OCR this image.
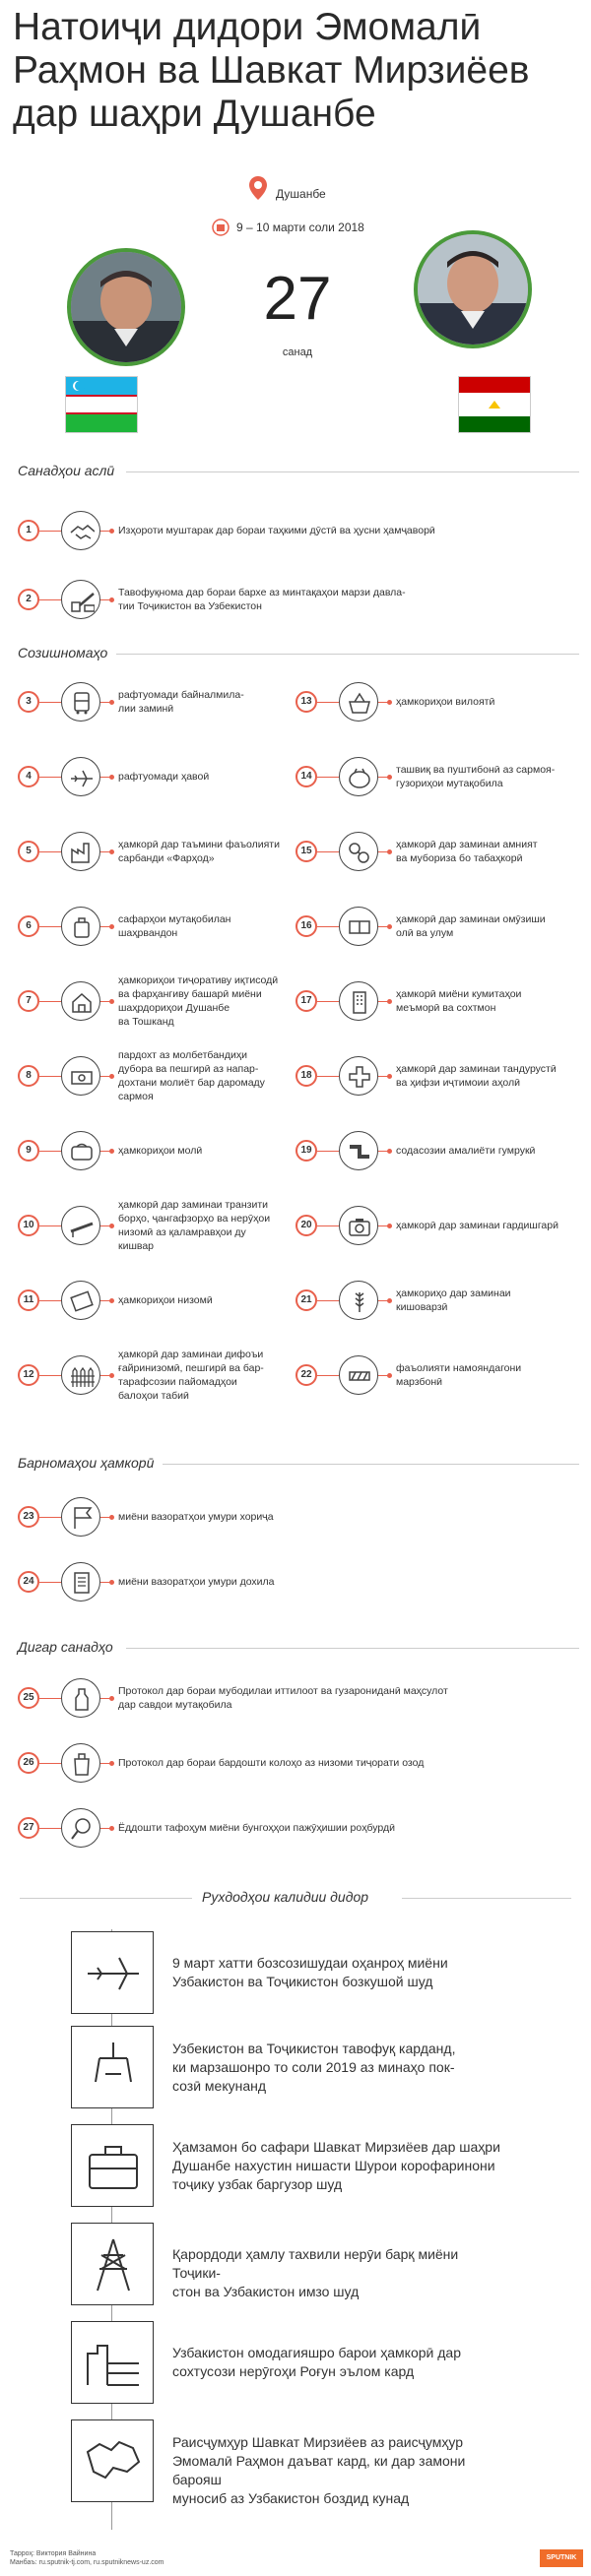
Натоиҷи дидори Эмомалӣ Раҳмон ва Шавкат Мирзиёев дар шаҳри Душанбе
Душанбе
9 – 10 марти соли 2018
27
санад
Санадҳои аслӣ
1	Изҳороти муштарак дар бораи таҳкими дӯстӣ ва ҳусни ҳамҷаворӣ
2
Тавофуқнома дар бораи бархе аз минтақаҳои марзи давла-
тии Тоҷикистон ва Узбекистон
Созишномаҳо
3
рафтуомади байналмила-
лии заминӣ
4	рафтуомади ҳавоӣ
5
ҳамкорӣ дар таъмини фаъолияти
сарбанди «Фарҳод»
6
сафарҳои мутақобилан
шаҳрвандон
7
ҳамкориҳои тиҷоративу иқтисодӣ
ва фарҳангиву башарӣ миёни
шаҳрдориҳои Душанбе
ва Тошканд
8
пардохт аз молбетбандиҳи
дубора ва пешгирӣ аз напар-
дохтани молиёт бар даромаду
сармоя
9	ҳамкориҳои молӣ
10
ҳамкорӣ дар заминаи транзити
борҳо, ҷангафзорҳо ва нерӯҳои
низомӣ аз қаламравҳои ду
кишвар
11	ҳамкориҳои низомӣ
12
ҳамкорӣ дар заминаи дифоъи
ғайринизомӣ, пешгирӣ ва бар-
тарафсозии пайомадҳои
балоҳои табиӣ
13	ҳамкориҳои вилоятӣ
14
ташвиқ ва пуштибонӣ аз сармоя-
гузориҳои мутақобила
15
ҳамкорӣ дар заминаи амният
ва мубориза бо табаҳкорӣ
16
ҳамкорӣ дар заминаи омӯзиши
олӣ ва улум
17
ҳамкорӣ миёни кумитаҳои
меъморӣ ва сохтмон
18
ҳамкорӣ дар заминаи тандурустӣ
ва ҳифзи иҷтимоии аҳолӣ
19	содасозии амалиёти гумрукӣ
20	ҳамкорӣ дар заминаи гардишгарӣ
21
ҳамкориҳо дар заминаи
кишоварзӣ
22
фаъолияти намояндагони
марзбонӣ
Барномаҳои ҳамкорӣ
23	миёни вазоратҳои умури хориҷа
24	миёни вазоратҳои умури дохила
Дигар санадҳо
25
Протокол дар бораи мубодилаи иттилоот ва гузарониданӣ маҳсулот
дар савдои мутақобила
26	Протокол дар бораи бардошти колоҳо аз низоми тиҷорати озод
27	Ёддошти тафоҳум миёни бунгоҳҳои пажӯҳишии роҳбурдӣ
Рухдодҳои калидии дидор
9 март хатти бозсозишудаи оҳанроҳ миёни
Узбакистон ва Тоҷикистон бозкушой шуд
Узбекистон ва Тоҷикистон тавофуқ карданд,
ки марзашонро то соли 2019 аз минаҳо пок-
созӣ мекунанд
Ҳамзамон бо сафари Шавкат Мирзиёев дар шаҳри
Душанбе нахустин нишасти Шурои корофаринони
тоҷику узбак баргузор шуд
Қарордоди ҳамлу тахвили нерӯи барқ миёни Тоҷики-
стон ва Узбакистон имзо шуд
Узбакистон омодагияшро барои ҳамкорӣ дар
сохтусози нерӯгоҳи Роғун эълом кард
Раисҷумҳур Шавкат Мирзиёев аз раисҷумҳур
Эмомалӣ Раҳмон даъват кард, ки дар замони барояш
муносиб аз Узбакистон боздид кунад
Тарроҳ: Виктория Вайнина
Манбаъ: ru.sputnik-tj.com, ru.sputniknews-uz.com
SPUTNIK
